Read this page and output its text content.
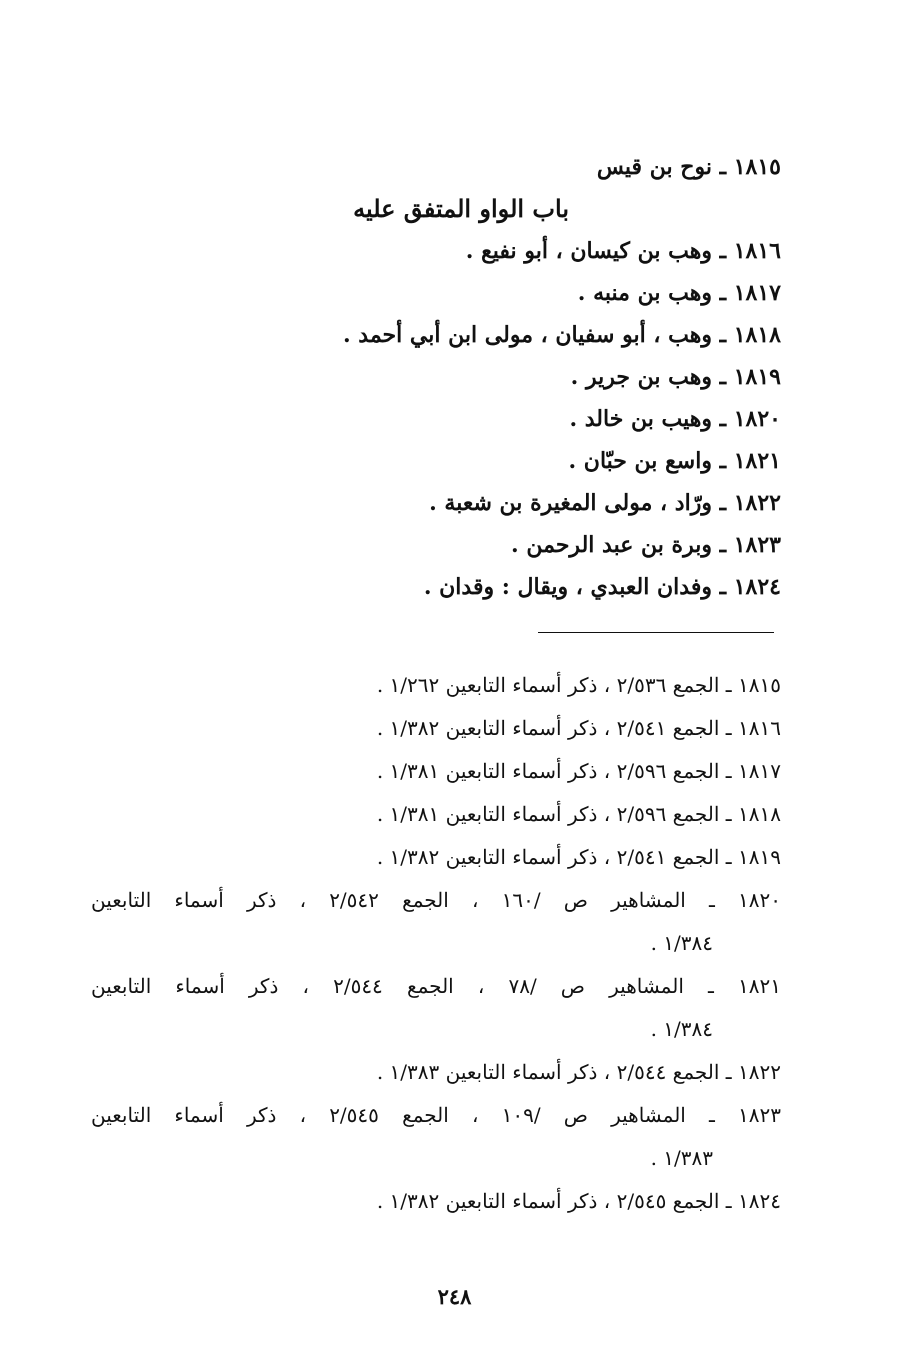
١٨١٥ ـ نوح بن قيس
باب الواو المتفق عليه
١٨١٦ ـ وهب بن كيسان ، أبو نفيع .
١٨١٧ ـ وهب بن منبه .
١٨١٨ ـ وهب ، أبو سفيان ، مولى ابن أبي أحمد .
١٨١٩ ـ وهب بن جرير .
١٨٢٠ ـ وهيب بن خالد .
١٨٢١ ـ واسع بن حبّان .
١٨٢٢ ـ ورّاد ، مولى المغيرة بن شعبة .
١٨٢٣ ـ وبرة بن عبد الرحمن .
١٨٢٤ ـ وفدان العبدي ، ويقال : وقدان .
١٨١٥ ـ الجمع ٢/٥٣٦ ، ذكر أسماء التابعين ١/٢٦٢ .
١٨١٦ ـ الجمع ٢/٥٤١ ، ذكر أسماء التابعين ١/٣٨٢ .
١٨١٧ ـ الجمع ٢/٥٩٦ ، ذكر أسماء التابعين ١/٣٨١ .
١٨١٨ ـ الجمع ٢/٥٩٦ ، ذكر أسماء التابعين ١/٣٨١ .
١٨١٩ ـ الجمع ٢/٥٤١ ، ذكر أسماء التابعين ١/٣٨٢ .
١٨٢٠ ـ المشاهير ص /١٦٠ ، الجمع ٢/٥٤٢ ، ذكر أسماء التابعين
١/٣٨٤ .
١٨٢١ ـ المشاهير ص /٧٨ ، الجمع ٢/٥٤٤ ، ذكر أسماء التابعين
١/٣٨٤ .
١٨٢٢ ـ الجمع ٢/٥٤٤ ، ذكر أسماء التابعين ١/٣٨٣ .
١٨٢٣ ـ المشاهير ص /١٠٩ ، الجمع ٢/٥٤٥ ، ذكر أسماء التابعين
١/٣٨٣ .
١٨٢٤ ـ الجمع ٢/٥٤٥ ، ذكر أسماء التابعين ١/٣٨٢ .
٢٤٨
